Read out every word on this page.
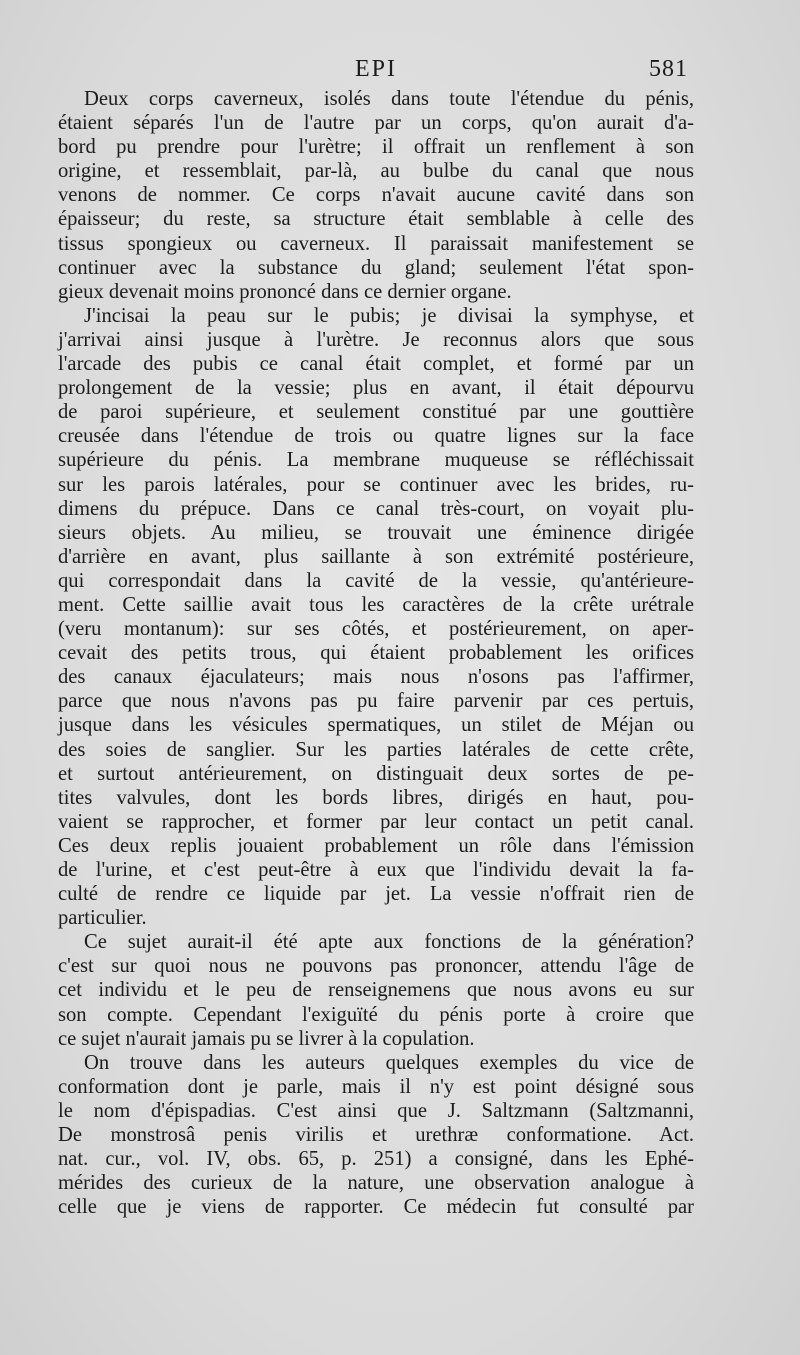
EPI	581
Deux corps caverneux, isolés dans toute l'étendue du pénis,
étaient séparés l'un de l'autre par un corps, qu'on aurait d'a-
bord pu prendre pour l'urètre; il offrait un renflement à son
origine, et ressemblait, par-là, au bulbe du canal que nous
venons de nommer. Ce corps n'avait aucune cavité dans son
épaisseur; du reste, sa structure était semblable à celle des
tissus spongieux ou caverneux. Il paraissait manifestement se
continuer avec la substance du gland; seulement l'état spon-
gieux devenait moins prononcé dans ce dernier organe.
J'incisai la peau sur le pubis; je divisai la symphyse, et
j'arrivai ainsi jusque à l'urètre. Je reconnus alors que sous
l'arcade des pubis ce canal était complet, et formé par un
prolongement de la vessie; plus en avant, il était dépourvu
de paroi supérieure, et seulement constitué par une gouttière
creusée dans l'étendue de trois ou quatre lignes sur la face
supérieure du pénis. La membrane muqueuse se réfléchissait
sur les parois latérales, pour se continuer avec les brides, ru-
dimens du prépuce. Dans ce canal très-court, on voyait plu-
sieurs objets. Au milieu, se trouvait une éminence dirigée
d'arrière en avant, plus saillante à son extrémité postérieure,
qui correspondait dans la cavité de la vessie, qu'antérieure-
ment. Cette saillie avait tous les caractères de la crête urétrale
(veru montanum): sur ses côtés, et postérieurement, on aper-
cevait des petits trous, qui étaient probablement les orifices
des canaux éjaculateurs; mais nous n'osons pas l'affirmer,
parce que nous n'avons pas pu faire parvenir par ces pertuis,
jusque dans les vésicules spermatiques, un stilet de Méjan ou
des soies de sanglier. Sur les parties latérales de cette crête,
et surtout antérieurement, on distinguait deux sortes de pe-
tites valvules, dont les bords libres, dirigés en haut, pou-
vaient se rapprocher, et former par leur contact un petit canal.
Ces deux replis jouaient probablement un rôle dans l'émission
de l'urine, et c'est peut-être à eux que l'individu devait la fa-
culté de rendre ce liquide par jet. La vessie n'offrait rien de
particulier.
Ce sujet aurait-il été apte aux fonctions de la génération?
c'est sur quoi nous ne pouvons pas prononcer, attendu l'âge de
cet individu et le peu de renseignemens que nous avons eu sur
son compte. Cependant l'exiguïté du pénis porte à croire que
ce sujet n'aurait jamais pu se livrer à la copulation.
On trouve dans les auteurs quelques exemples du vice de
conformation dont je parle, mais il n'y est point désigné sous
le nom d'épispadias. C'est ainsi que J. Saltzmann (Saltzmanni,
De monstrosâ penis virilis et urethræ conformatione. Act.
nat. cur., vol. IV, obs. 65, p. 251) a consigné, dans les Ephé-
mérides des curieux de la nature, une observation analogue à
celle que je viens de rapporter. Ce médecin fut consulté par
